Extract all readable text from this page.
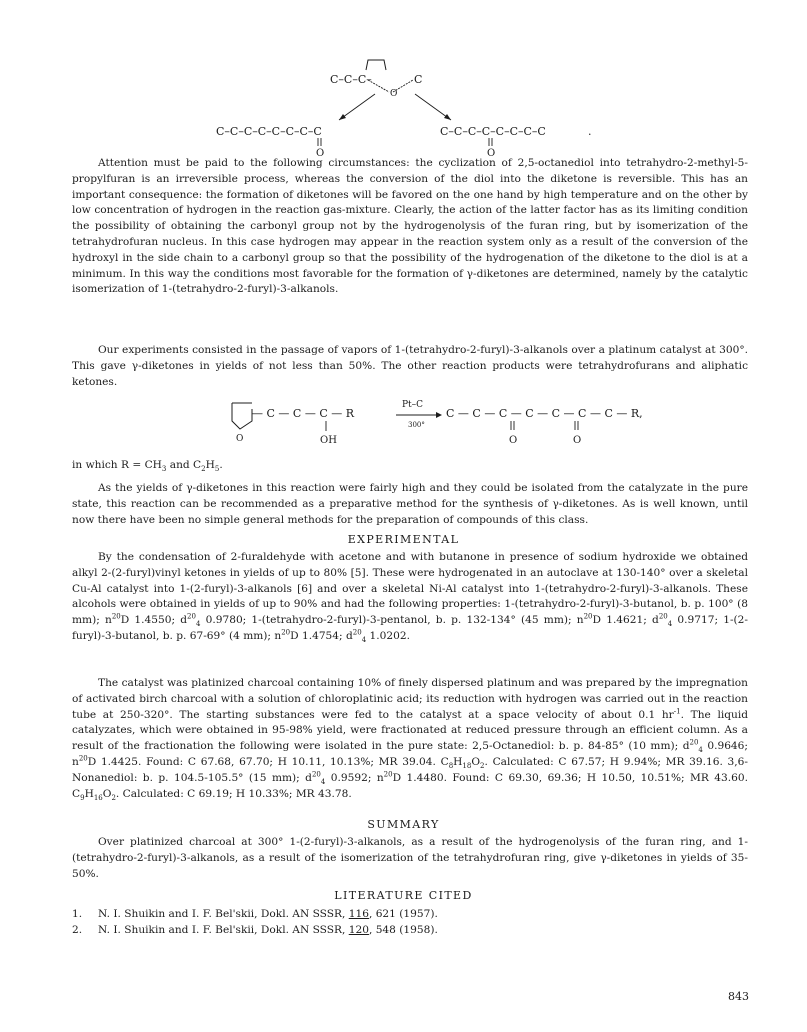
C–C–C–
O
C
C–C–C–C–C–C–C–C
O
C–C–C–C–C–C–C–C	.
O

Attention must be paid to the following circumstances: the cyclization of 2,5-octanediol into tetrahydro-2-methyl-5-propylfuran is an irreversible process, whereas the conversion of the diol into the diketone is reversible. This has an important consequence: the formation of diketones will be favored on the one hand by high temperature and on the other by low concentration of hydrogen in the reaction gas-mixture. Clearly, the action of the latter factor has as its limiting condition the possibility of obtaining the carbonyl group not by the hydrogenolysis of the furan ring, but by isomerization of the tetrahydrofuran nucleus. In this case hydrogen may appear in the reaction system only as a result of the conversion of the hydroxyl in the side chain to a carbonyl group so that the possibility of the hydrogenation of the diketone to the diol is at a minimum. In this way the conditions most favorable for the formation of γ-diketones are determined, namely by the catalytic isomerization of 1-(tetrahydro-2-furyl)-3-alkanols.

Our experiments consisted in the passage of vapors of 1-(tetrahydro-2-furyl)-3-alkanols over a platinum catalyst at 300°. This gave γ-diketones in yields of not less than 50%. The other reaction products were tetrahydrofurans and aliphatic ketones.

O
— C — C — C — R
OH
Pt–C
300°
C — C — C — C — C — C — C — R,
O	O

in which $R = CH_3$ and $C_2H_5$.

As the yields of γ-diketones in this reaction were fairly high and they could be isolated from the catalyzate in the pure state, this reaction can be recommended as a preparative method for the synthesis of γ-diketones. As is well known, until now there have been no simple general methods for the preparation of compounds of this class.

EXPERIMENTAL

By the condensation of 2-furaldehyde with acetone and with butanone in presence of sodium hydroxide we obtained alkyl 2-(2-furyl)vinyl ketones in yields of up to 80% [5]. These were hydrogenated in an autoclave at 130-140° over a skeletal Cu-Al catalyst into 1-(2-furyl)-3-alkanols [6] and over a skeletal Ni-Al catalyst into 1-(tetrahydro-2-furyl)-3-alkanols. These alcohols were obtained in yields of up to 90% and had the following properties: 1-(tetrahydro-2-furyl)-3-butanol, b. p. 100° (8 mm); $n^{20}D$ 1.4550; $d^{20}_4$ 0.9780; 1-(tetrahydro-2-furyl)-3-pentanol, b. p. 132-134° (45 mm); $n^{20}D$ 1.4621; $d^{20}_4$ 0.9717; 1-(2-furyl)-3-butanol, b. p. 67-69° (4 mm); $n^{20}D$ 1.4754; $d^{20}_4$ 1.0202.

The catalyst was platinized charcoal containing 10% of finely dispersed platinum and was prepared by the impregnation of activated birch charcoal with a solution of chloroplatinic acid; its reduction with hydrogen was carried out in the reaction tube at 250-320°. The starting substances were fed to the catalyst at a space velocity of about 0.1 $hr^{-1}$. The liquid catalyzates, which were obtained in 95-98% yield, were fractionated at reduced pressure through an efficient column. As a result of the fractionation the following were isolated in the pure state: 2,5-Octanediol: b. p. 84-85° (10 mm); $d^{20}_4$ 0.9646; $n^{20}D$ 1.4425. Found: C 67.68, 67.70; H 10.11, 10.13%; MR 39.04. $C_8H_{18}O_2$. Calculated: C 67.57; H 9.94%; MR 39.16. 3,6-Nonanediol: b. p. 104.5-105.5° (15 mm); $d^{20}_4$ 0.9592; $n^{20}D$ 1.4480. Found: C 69.30, 69.36; H 10.50, 10.51%; MR 43.60. $C_9H_{16}O_2$. Calculated: C 69.19; H 10.33%; MR 43.78.

SUMMARY

Over platinized charcoal at 300° 1-(2-furyl)-3-alkanols, as a result of the hydrogenolysis of the furan ring, and 1-(tetrahydro-2-furyl)-3-alkanols, as a result of the isomerization of the tetrahydrofuran ring, give γ-diketones in yields of 35-50%.

LITERATURE CITED
1. N. I. Shuikin and I. F. Bel'skii, Dokl. AN SSSR, 116, 621 (1957).
2. N. I. Shuikin and I. F. Bel'skii, Dokl. AN SSSR, 120, 548 (1958).
843
